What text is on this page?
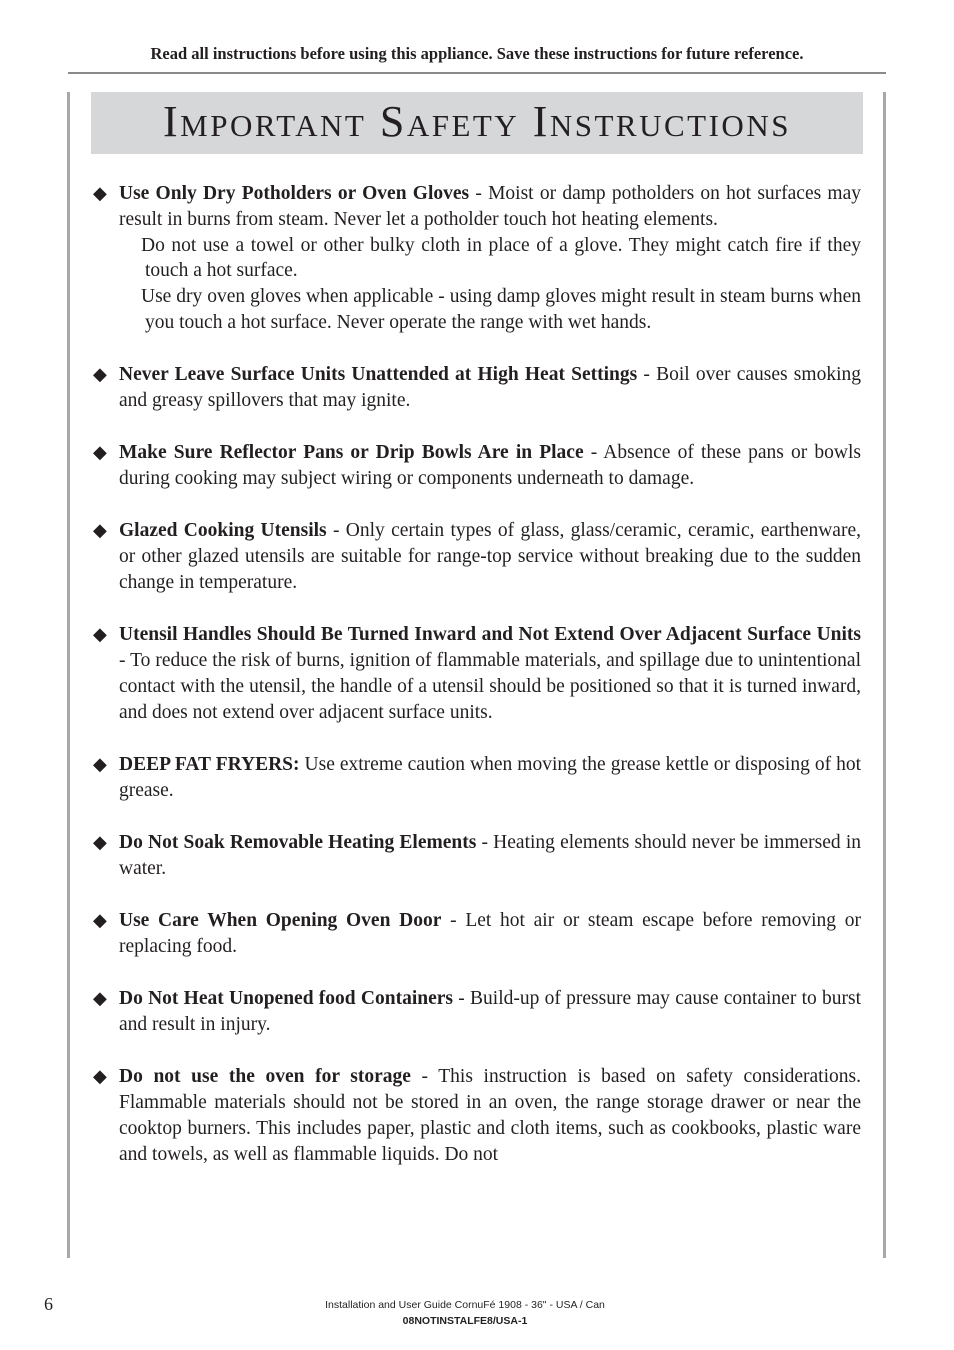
Read all instructions before using this appliance. Save these instructions for future reference.
Important Safety Instructions
◆ Use Only Dry Potholders or Oven Gloves - Moist or damp potholders on hot surfaces may result in burns from steam. Never let a potholder touch hot heating elements.

Do not use a towel or other bulky cloth in place of a glove. They might catch fire if they touch a hot surface.

Use dry oven gloves when applicable - using damp gloves might result in steam burns when you touch a hot surface. Never operate the range with wet hands.

◆ Never Leave Surface Units Unattended at High Heat Settings - Boil over causes smoking and greasy spillovers that may ignite.
◆ Make Sure Reflector Pans or Drip Bowls Are in Place - Absence of these pans or bowls during cooking may subject wiring or components underneath to damage.
◆ Glazed Cooking Utensils - Only certain types of glass, glass/ceramic, ceramic, earthenware, or other glazed utensils are suitable for range-top service without breaking due to the sudden change in temperature.
◆ Utensil Handles Should Be Turned Inward and Not Extend Over Adjacent Surface Units - To reduce the risk of burns, ignition of flammable materials, and spillage due to unintentional contact with the utensil, the handle of a utensil should be positioned so that it is turned inward, and does not extend over adjacent surface units.
◆ DEEP FAT FRYERS: Use extreme caution when moving the grease kettle or disposing of hot grease.
◆ Do Not Soak Removable Heating Elements - Heating elements should never be immersed in water.
◆ Use Care When Opening Oven Door - Let hot air or steam escape before removing or replacing food.
◆ Do Not Heat Unopened food Containers - Build-up of pressure may cause container to burst and result in injury.
◆ Do not use the oven for storage - This instruction is based on safety considerations. Flammable materials should not be stored in an oven, the range storage drawer or near the cooktop burners. This includes paper, plastic and cloth items, such as cookbooks, plastic ware and towels, as well as flammable liquids. Do not
6	Installation and User Guide CornuFé 1908 - 36" - USA / Can
08NOTINSTALFE8/USA-1
